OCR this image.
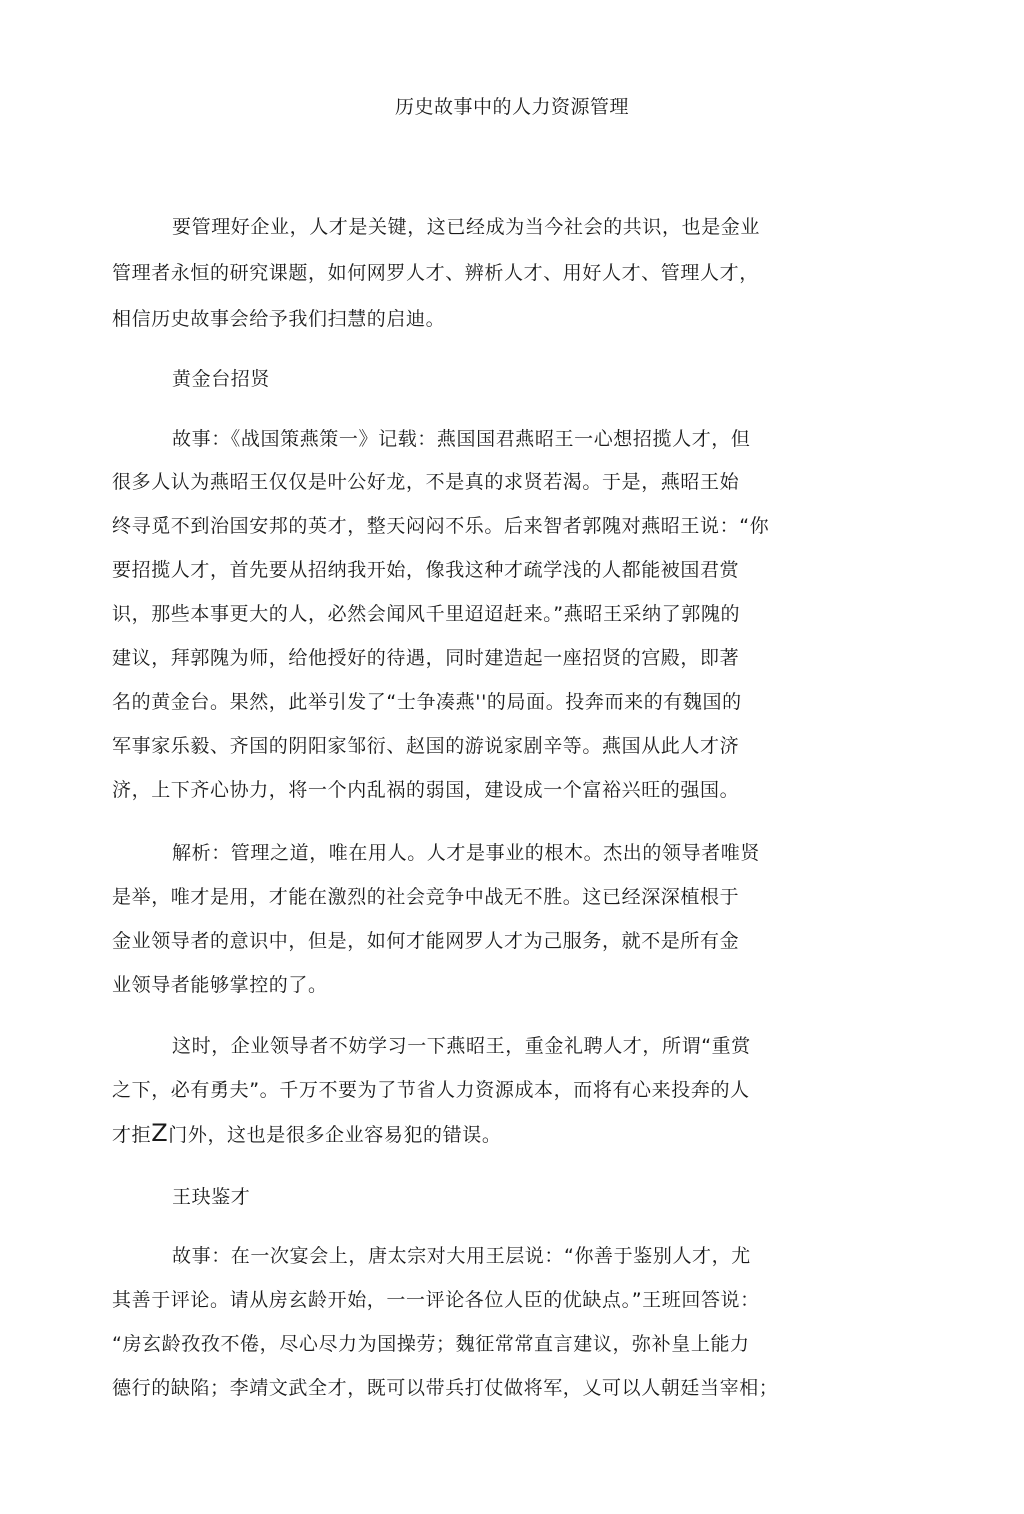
历史故事中的人力资源管理
要管理好企业，人才是关键，这已经成为当今社会的共识，也是金业
管理者永恒的研究课题，如何网罗人才、辨析人才、用好人才、管理人才，
相信历史故事会给予我们扫慧的启迪。
黄金台招贤
故事：《战国策燕策一》记载：燕国国君燕昭王一心想招揽人才，但
很多人认为燕昭王仅仅是叶公好龙，不是真的求贤若渴。于是，燕昭王始
终寻觅不到治国安邦的英才，整天闷闷不乐。后来智者郭隗对燕昭王说：“你
要招揽人才，首先要从招纳我开始，像我这种才疏学浅的人都能被国君赏
识，那些本事更大的人，必然会闻风千里迢迢赶来。”燕昭王采纳了郭隗的
建议，拜郭隗为师，给他授好的待遇，同时建造起一座招贤的宫殿，即著
名的黄金台。果然，此举引发了“士争凑燕''的局面。投奔而来的有魏国的
军事家乐毅、齐国的阴阳家邹衍、赵国的游说家剧辛等。燕国从此人才济
济，上下齐心协力，将一个内乱祸的弱国，建设成一个富裕兴旺的强国。
解析：管理之道，唯在用人。人才是事业的根木。杰出的领导者唯贤
是举，唯才是用，才能在激烈的社会竞争中战无不胜。这已经深深植根于
金业领导者的意识中，但是，如何才能网罗人才为己服务，就不是所有金
业领导者能够掌控的了。
这时，企业领导者不妨学习一下燕昭王，重金礼聘人才，所谓“重赏
之下，必有勇夫”。千万不要为了节省人力资源成本，而将有心来投奔的人
才拒Z门外，这也是很多企业容易犯的错误。
王玦鉴才
故事：在一次宴会上，唐太宗对大用王层说：“你善于鉴别人才，尤
其善于评论。请从房玄龄开始，一一评论各位人臣的优缺点。”王班回答说：
“房玄龄孜孜不倦，尽心尽力为国操劳；魏征常常直言建议，弥补皇上能力
德行的缺陷；李靖文武全才，既可以带兵打仗做将军，乂可以人朝廷当宰相；
